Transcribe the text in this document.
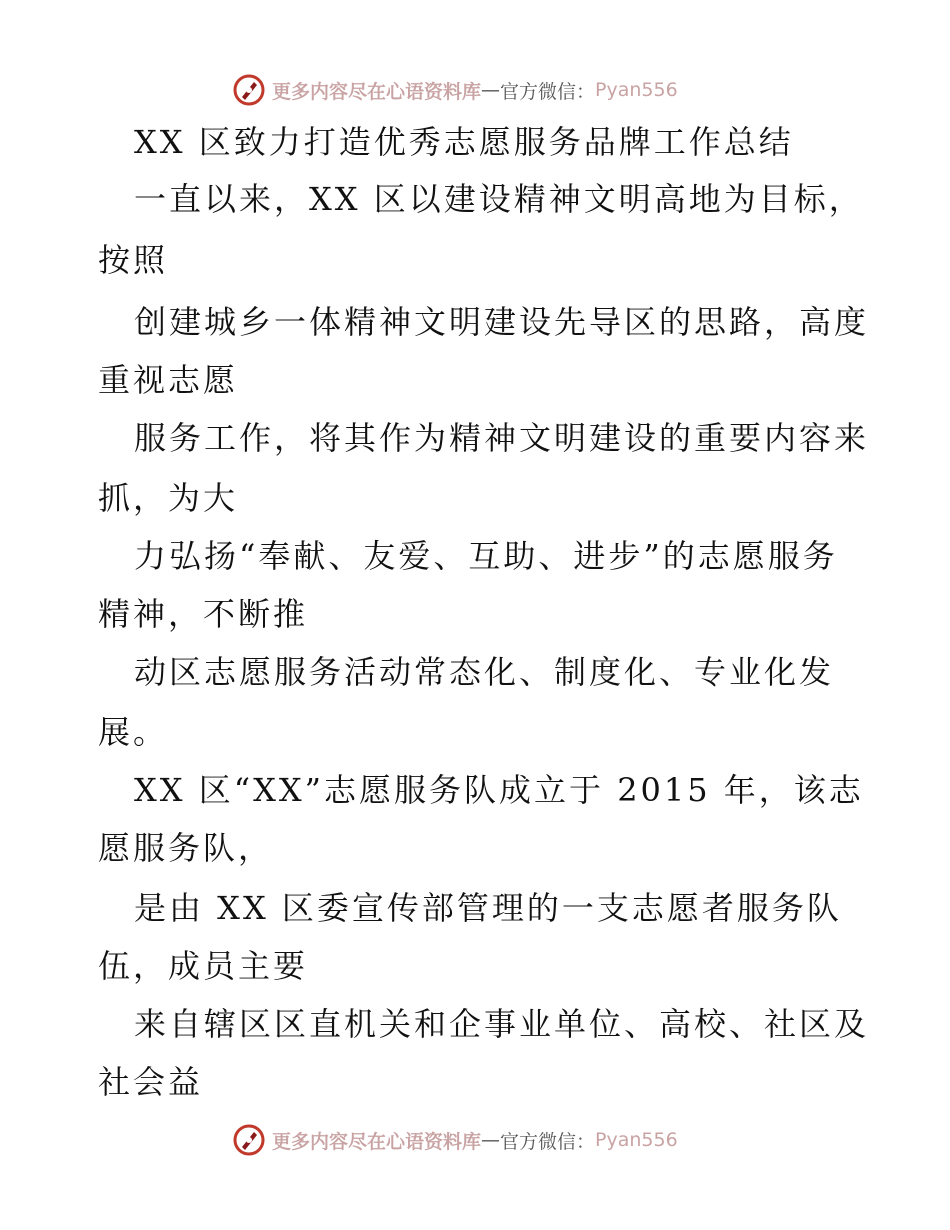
更多内容尽在心语资料库 — 官方微信： Pyan556
XX 区致力打造优秀志愿服务品牌工作总结
一直以来，XX 区以建设精神文明高地为目标，
按照
创建城乡一体精神文明建设先导区的思路，高度
重视志愿
服务工作，将其作为精神文明建设的重要内容来
抓，为大
力弘扬“奉献、友爱、互助、进步”的志愿服务
精神，不断推
动区志愿服务活动常态化、制度化、专业化发
展。
XX 区“XX”志愿服务队成立于 2015 年，该志
愿服务队，
是由 XX 区委宣传部管理的一支志愿者服务队
伍，成员主要
来自辖区区直机关和企事业单位、高校、社区及
社会益
更多内容尽在心语资料库 — 官方微信： Pyan556
